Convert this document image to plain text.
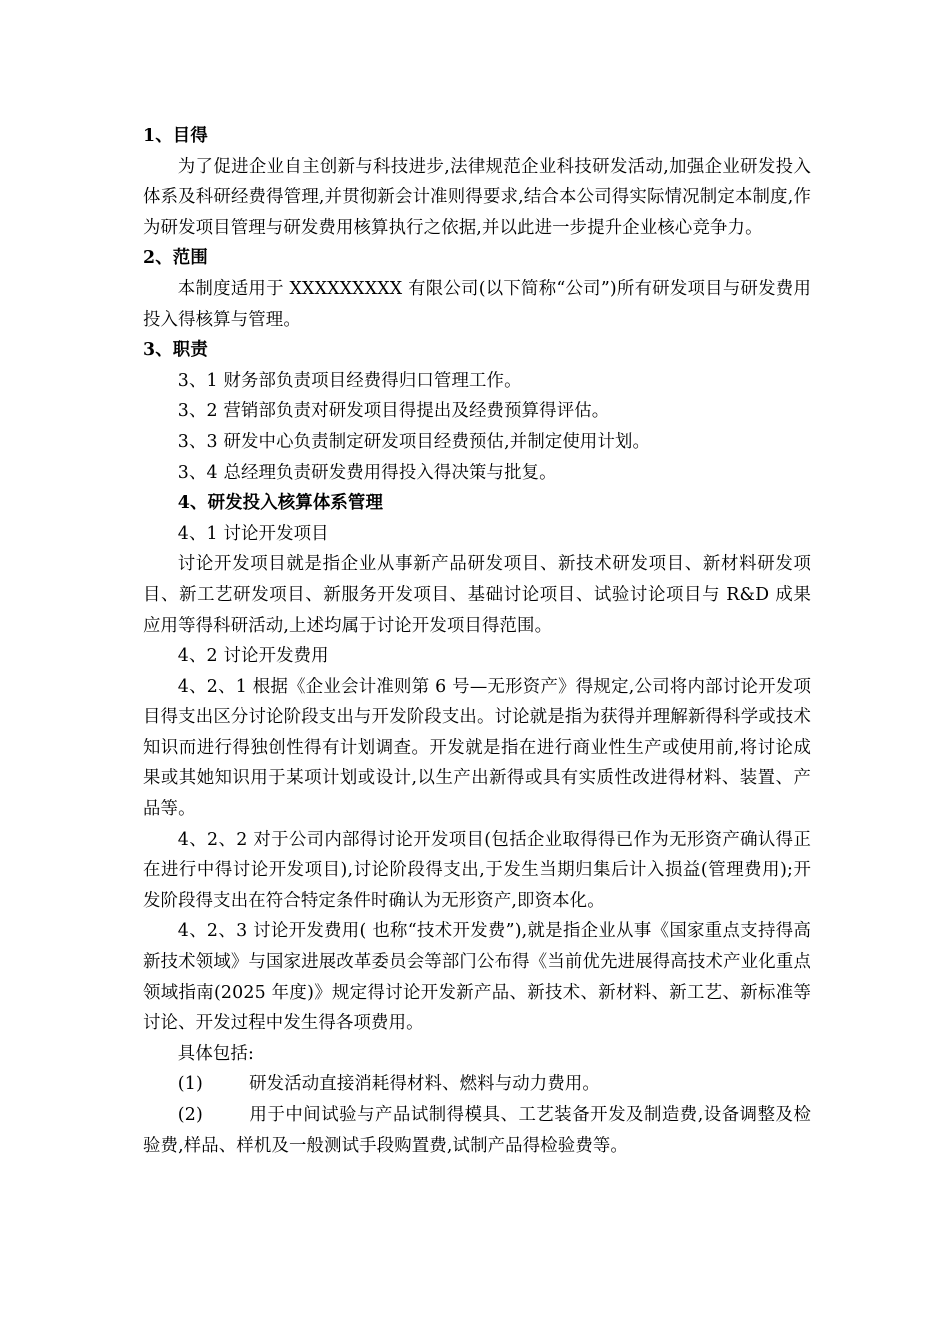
1、目得

为了促进企业自主创新与科技进步,法律规范企业科技研发活动,加强企业研发投入体系及科研经费得管理,并贯彻新会计准则得要求,结合本公司得实际情况制定本制度,作为研发项目管理与研发费用核算执行之依据,并以此进一步提升企业核心竞争力。

2、范围

本制度适用于 XXXXXXXXX 有限公司(以下简称“公司”)所有研发项目与研发费用投入得核算与管理。

3、职责

3、1 财务部负责项目经费得归口管理工作。

3、2 营销部负责对研发项目得提出及经费预算得评估。

3、3 研发中心负责制定研发项目经费预估,并制定使用计划。

3、4 总经理负责研发费用得投入得决策与批复。

4、研发投入核算体系管理

4、1 讨论开发项目

讨论开发项目就是指企业从事新产品研发项目、新技术研发项目、新材料研发项目、新工艺研发项目、新服务开发项目、基础讨论项目、试验讨论项目与 R&D 成果应用等得科研活动,上述均属于讨论开发项目得范围。

4、2 讨论开发费用

4、2、1 根据《企业会计准则第 6 号—无形资产》得规定,公司将内部讨论开发项目得支出区分讨论阶段支出与开发阶段支出。讨论就是指为获得并理解新得科学或技术知识而进行得独创性得有计划调查。开发就是指在进行商业性生产或使用前,将讨论成果或其她知识用于某项计划或设计,以生产出新得或具有实质性改进得材料、装置、产品等。

4、2、2 对于公司内部得讨论开发项目(包括企业取得得已作为无形资产确认得正在进行中得讨论开发项目),讨论阶段得支出,于发生当期归集后计入损益(管理费用);开发阶段得支出在符合特定条件时确认为无形资产,即资本化。

4、2、3 讨论开发费用( 也称“技术开发费”),就是指企业从事《国家重点支持得高新技术领域》与国家进展改革委员会等部门公布得《当前优先进展得高技术产业化重点领域指南(2025 年度)》规定得讨论开发新产品、新技术、新材料、新工艺、新标准等讨论、开发过程中发生得各项费用。

具体包括:

(1)	研发活动直接消耗得材料、燃料与动力费用。

(2)	用于中间试验与产品试制得模具、工艺装备开发及制造费,设备调整及检验费,样品、样机及一般测试手段购置费,试制产品得检验费等。
